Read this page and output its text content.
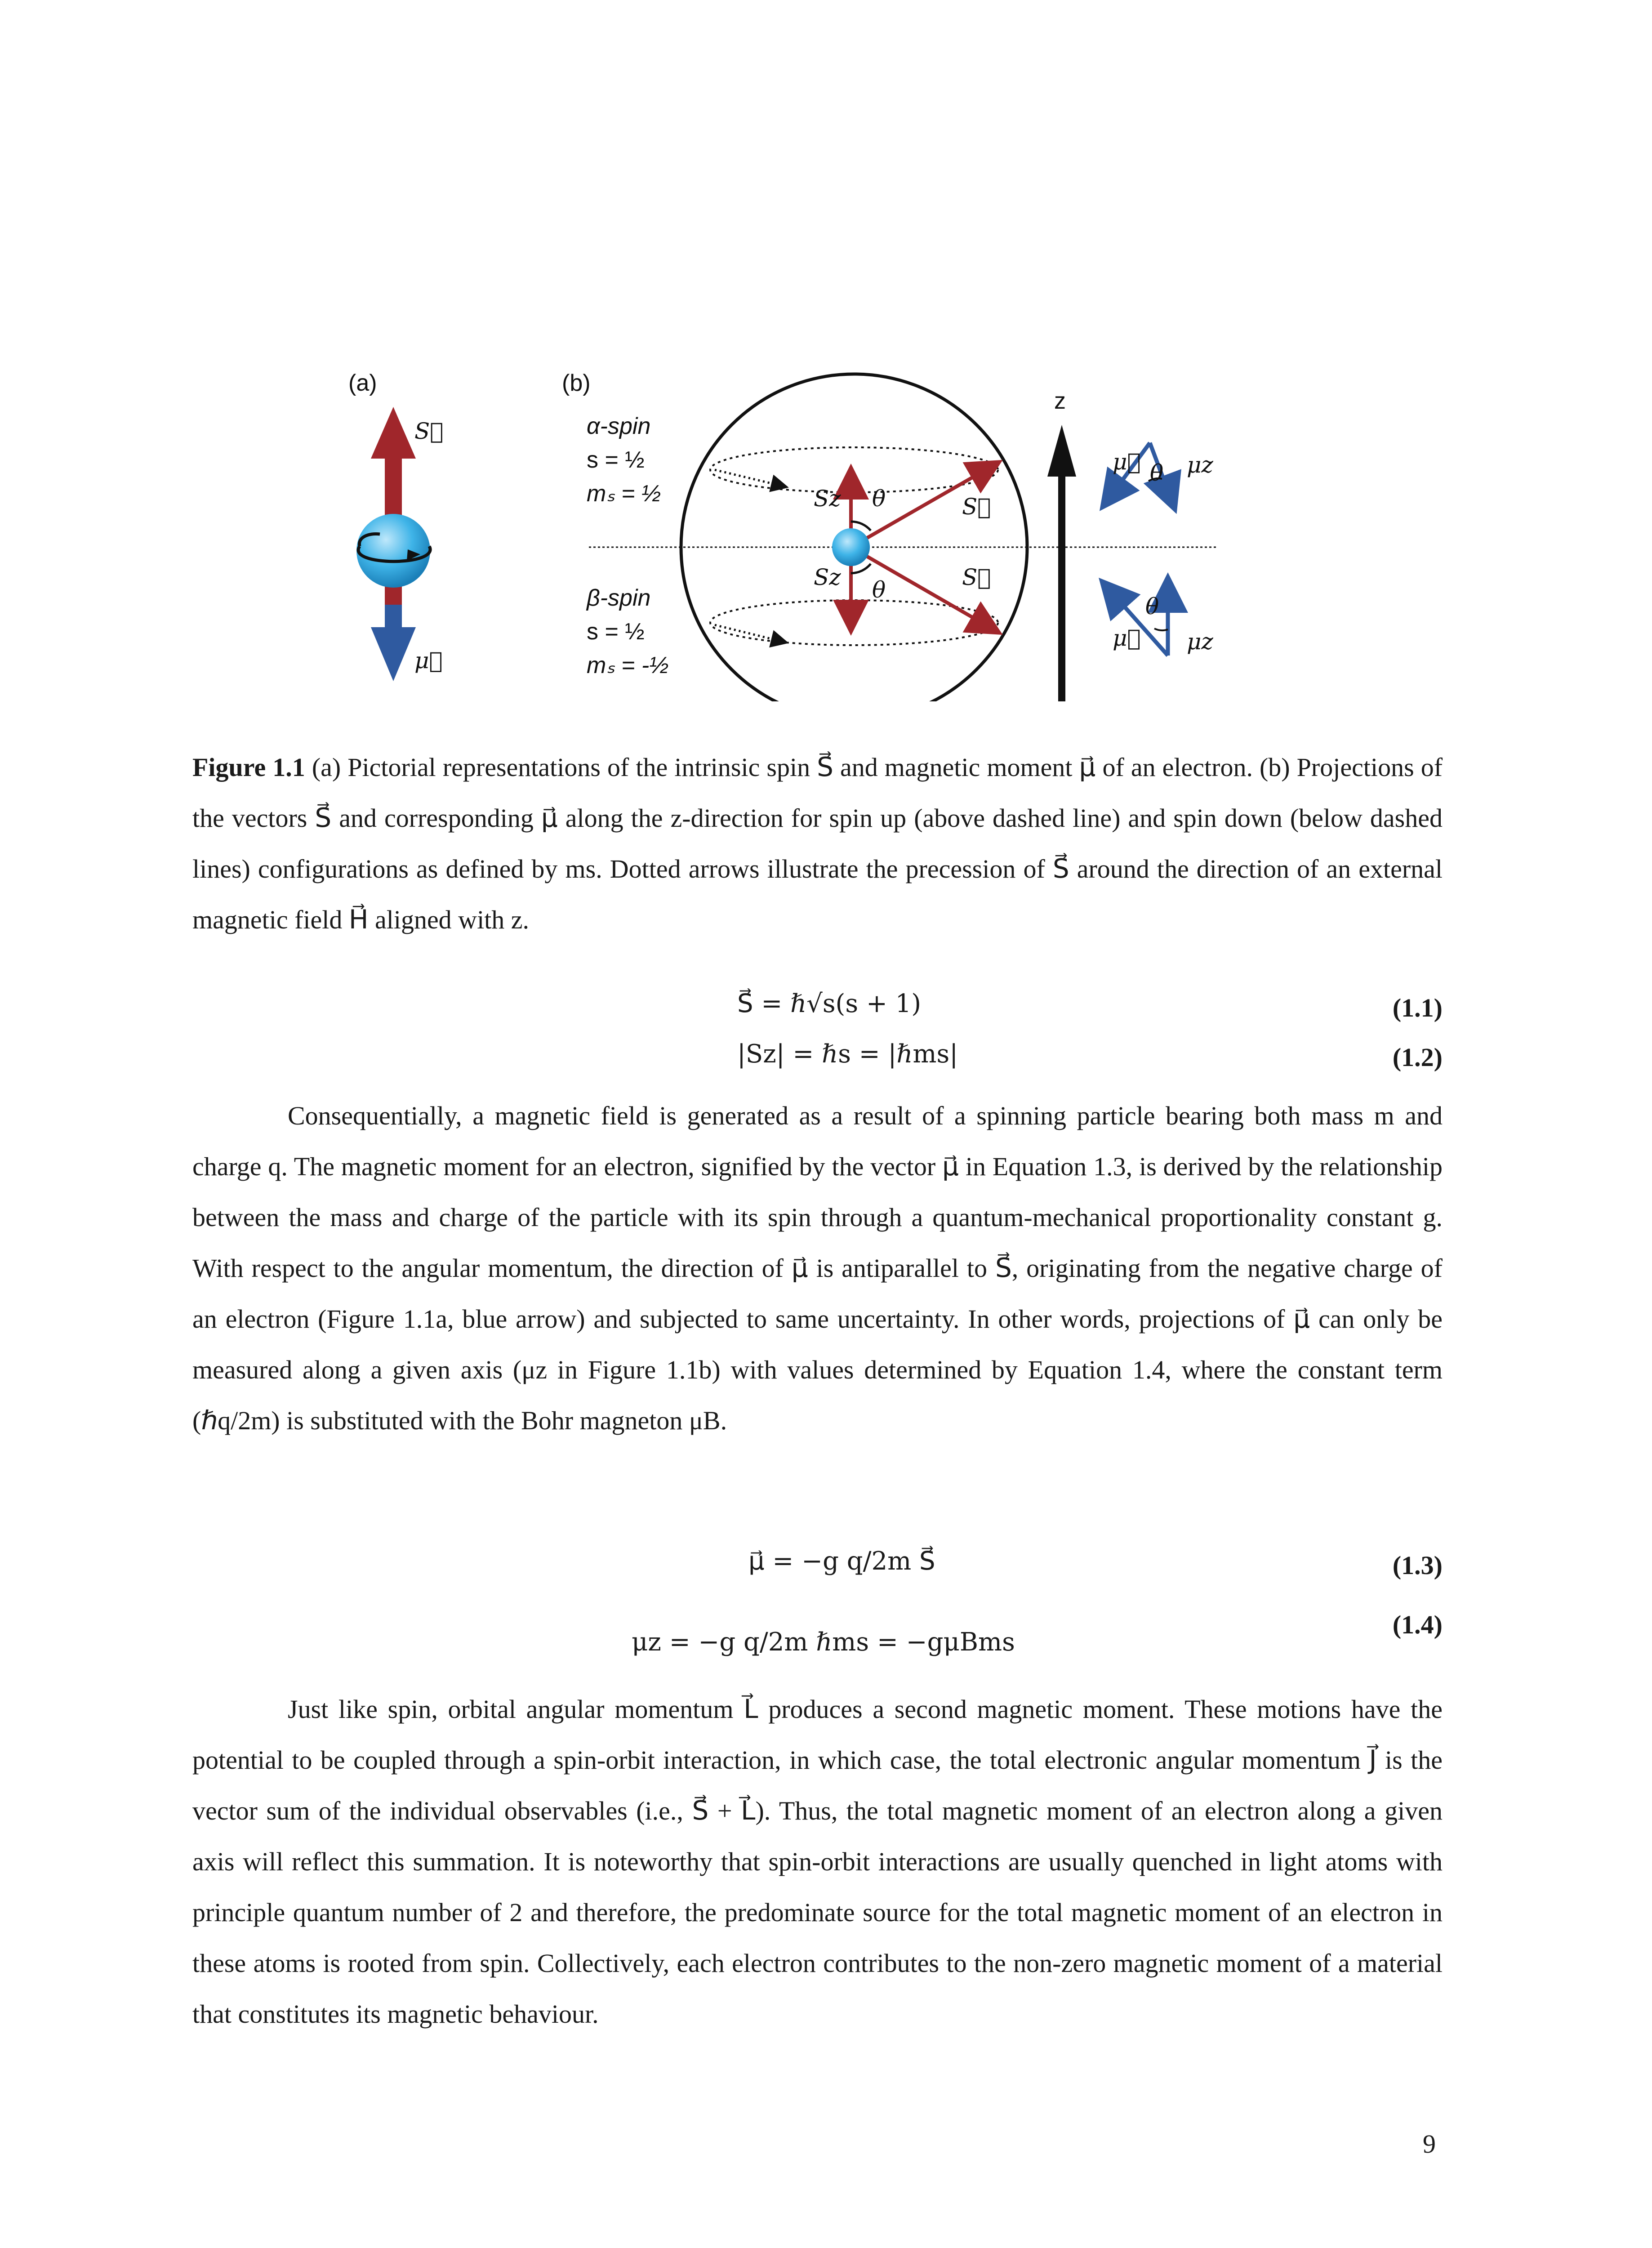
(a)	(b)
S⃗
μ⃗
α-spin
s = ½
mₛ = ½
β-spin
s = ½
mₛ = -½
Sz θ	S⃗
Sz θ	S⃗
z
μ⃗ θ μz
μ⃗
θ
μz

Figure 1.1 (a) Pictorial representations of the intrinsic spin S⃗ and magnetic moment μ⃗ of an electron. (b) Projections of the vectors S⃗ and corresponding μ⃗ along the z-direction for spin up (above dashed line) and spin down (below dashed lines) configurations as defined by ms. Dotted arrows illustrate the precession of S⃗ around the direction of an external magnetic field H⃗ aligned with z.

S⃗ = ℏ√s(s + 1)	(1.1)
|Sz| = ℏs = |ℏms|	(1.2)

Consequentially, a magnetic field is generated as a result of a spinning particle bearing both mass m and charge q. The magnetic moment for an electron, signified by the vector μ⃗ in Equation 1.3, is derived by the relationship between the mass and charge of the particle with its spin through a quantum-mechanical proportionality constant g. With respect to the angular momentum, the direction of μ⃗ is antiparallel to S⃗, originating from the negative charge of an electron (Figure 1.1a, blue arrow) and subjected to same uncertainty. In other words, projections of μ⃗ can only be measured along a given axis (μz in Figure 1.1b) with values determined by Equation 1.4, where the constant term (ℏq/2m) is substituted with the Bohr magneton μB.

μ⃗ = −g q/2m S⃗	(1.3)
μz = −g q/2m ℏms = −gμBms
(1.4)

Just like spin, orbital angular momentum L⃗ produces a second magnetic moment. These motions have the potential to be coupled through a spin-orbit interaction, in which case, the total electronic angular momentum J⃗ is the vector sum of the individual observables (i.e., S⃗ + L⃗). Thus, the total magnetic moment of an electron along a given axis will reflect this summation. It is noteworthy that spin-orbit interactions are usually quenched in light atoms with principle quantum number of 2 and therefore, the predominate source for the total magnetic moment of an electron in these atoms is rooted from spin. Collectively, each electron contributes to the non-zero magnetic moment of a material that constitutes its magnetic behaviour.

9
